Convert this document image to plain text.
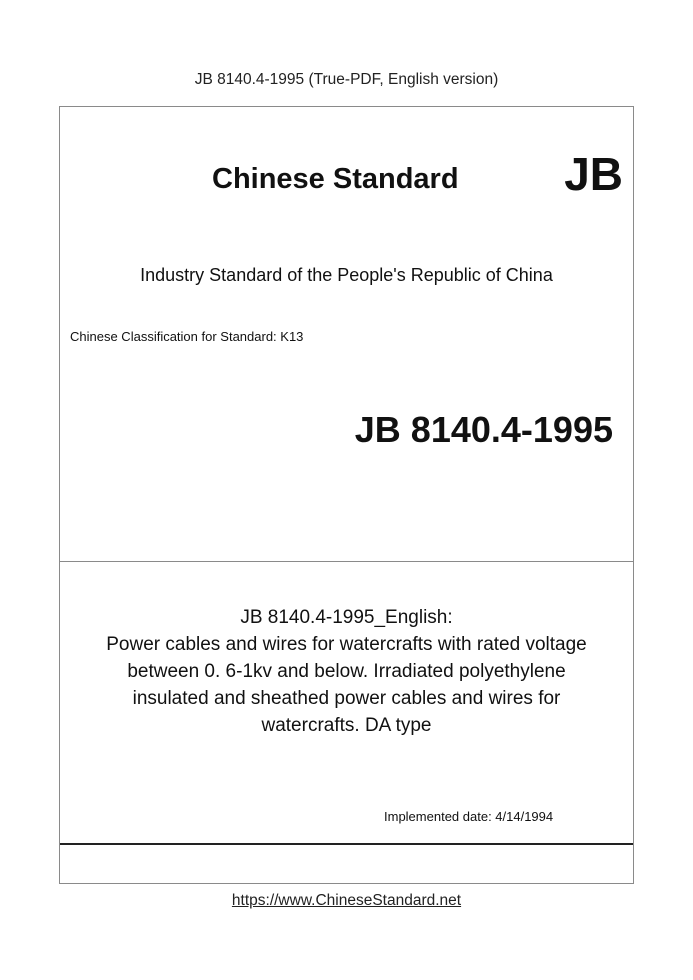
JB 8140.4-1995 (True-PDF, English version)
Chinese Standard JB
Industry Standard of the People's Republic of China
Chinese Classification for Standard: K13
JB 8140.4-1995
JB 8140.4-1995_English:
Power cables and wires for watercrafts with rated voltage
between 0. 6-1kv and below. Irradiated polyethylene
insulated and sheathed power cables and wires for
watercrafts. DA type
Implemented date: 4/14/1994
https://www.ChineseStandard.net
